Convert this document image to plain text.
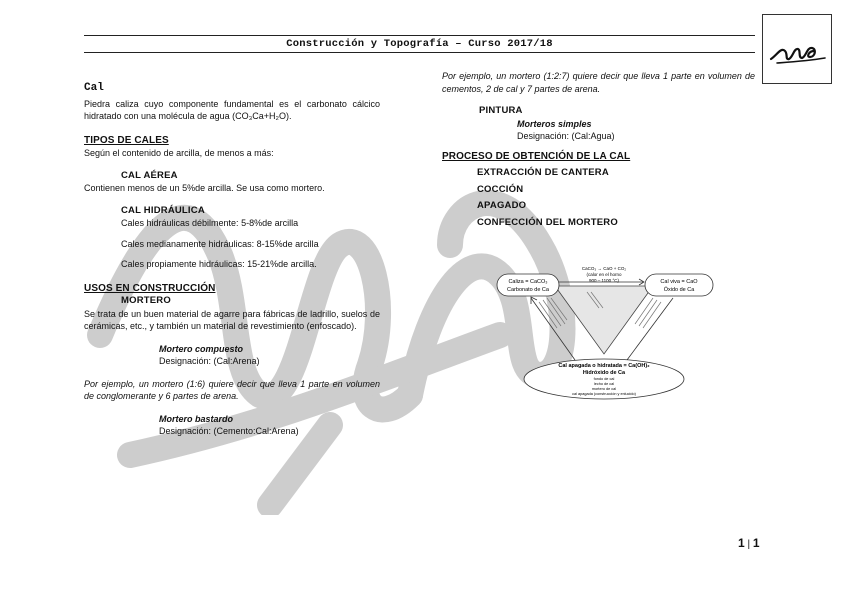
Construcción y Topografía – Curso 2017/18
Cal

Piedra caliza cuyo componente fundamental es el carbonato cálcico hidratado con una molécula de agua (CO₃Ca+H₂O).

TIPOS DE CALES

Según el contenido de arcilla, de menos a más:

CAL AÉREA

Contienen menos de un 5%de arcilla. Se usa como mortero.

CAL HIDRÁULICA

Cales hidráulicas débilmente: 5-8%de arcilla

Cales medianamente hidráulicas: 8-15%de arcilla

Cales propiamente hidráulicas: 15-21%de arcilla.

USOS EN CONSTRUCCIÓN
MORTERO

Se trata de un buen material de agarre para fábricas de ladrillo, suelos de cerámicas, etc., y también un material de revestimiento (enfoscado).

Mortero compuesto

Designación: (Cal:Arena)

Por ejemplo, un mortero (1:6) quiere decir que lleva 1 parte en volumen de conglomerante y 6 partes de arena.

Mortero bastardo

Designación: (Cemento:Cal:Arena)

Por ejemplo, un mortero (1:2:7) quiere decir que lleva 1 parte en volumen de cementos, 2 de cal y 7 partes de arena.

PINTURA

Morteros simples

Designación: (Cal:Agua)

PROCESO DE OBTENCIÓN DE LA CAL
EXTRACCIÓN DE CANTERA
COCCIÓN
APAGADO
CONFECCIÓN DEL MORTERO
Caliza = CaCO₃
Carbonato de Ca
Cal viva = CaO
Óxido de Ca
CaCO₃ → CaO + CO₂
(calor en el horno
900 – 1100 °C)
Cal apagada o hidratada = Ca(OH)₂
Hidróxido de Ca
fondo de cal
lecho de cal
mortero de cal
cal apagada (construcción y enlucido)
1 | 1
